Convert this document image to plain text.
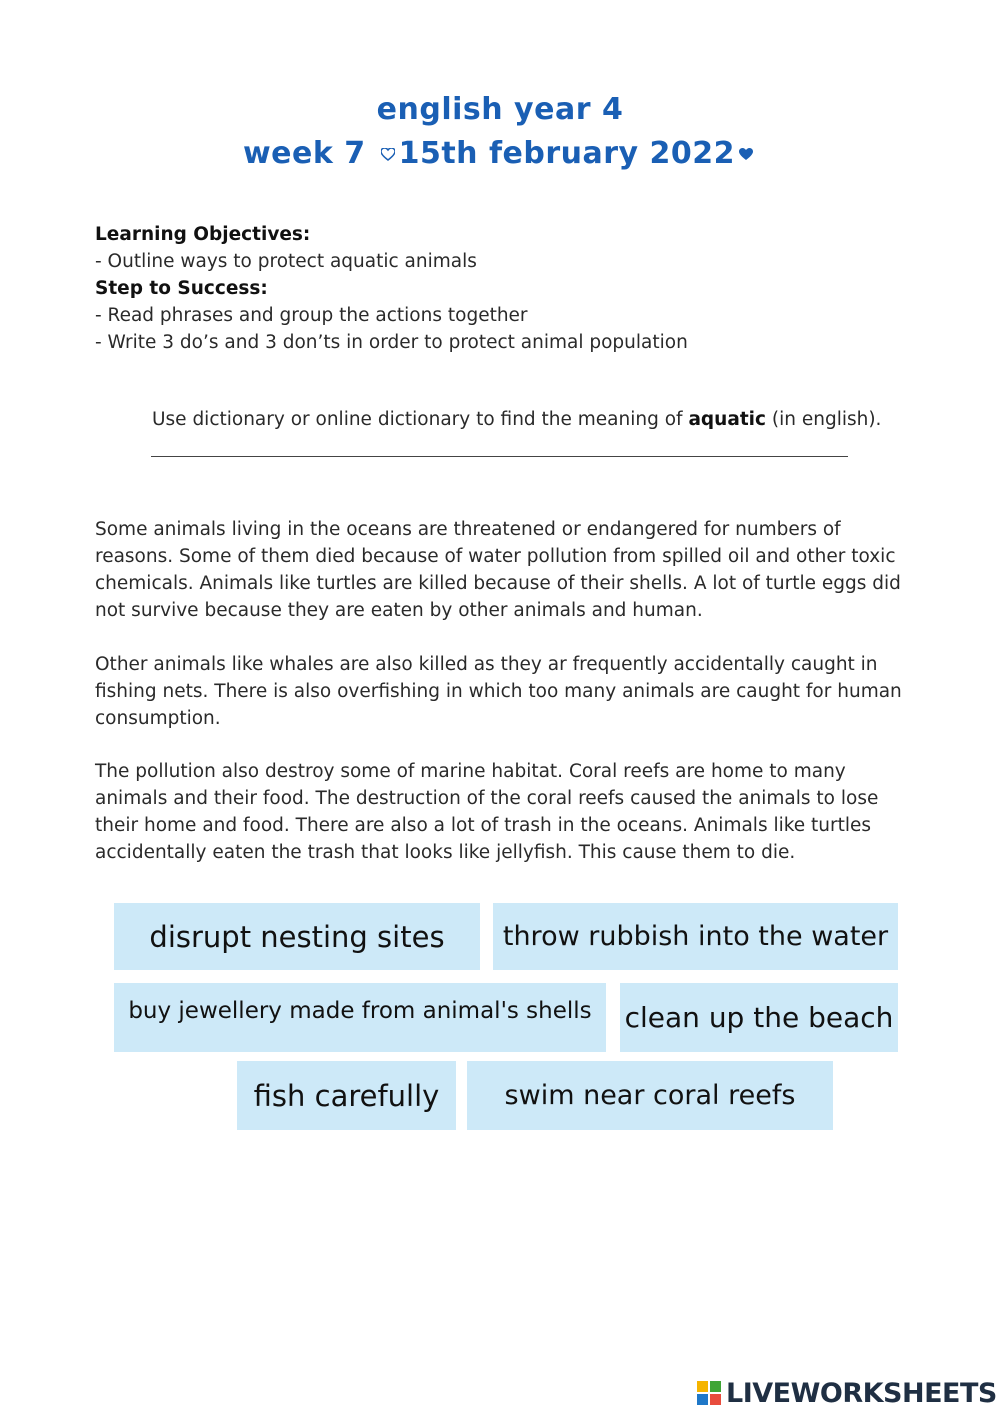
english year 4
week 7 15th february 2022
Learning Objectives:
- Outline ways to protect aquatic animals
Step to Success:
- Read phrases and group the actions together
- Write 3 do’s and 3 don’ts in order to protect animal population
Use dictionary or online dictionary to find the meaning of aquatic (in english).
Some animals living in the oceans are threatened or endangered for numbers of reasons. Some of them died because of water pollution from spilled oil and other toxic chemicals. Animals like turtles are killed because of their shells. A lot of turtle eggs did not survive because they are eaten by other animals and human.
Other animals like whales are also killed as they ar frequently accidentally caught in fishing nets. There is also overfishing in which too many animals are caught for human consumption.
The pollution also destroy some of marine habitat. Coral reefs are home to many animals and their food. The destruction of the coral reefs caused the animals to lose their home and food. There are also a lot of trash in the oceans. Animals like turtles accidentally eaten the trash that looks like jellyfish. This cause them to die.
disrupt nesting sites	throw rubbish into the water
buy jewellery made from animal's shells	clean up the beach
fish carefully	swim near coral reefs
LIVEWORKSHEETS
